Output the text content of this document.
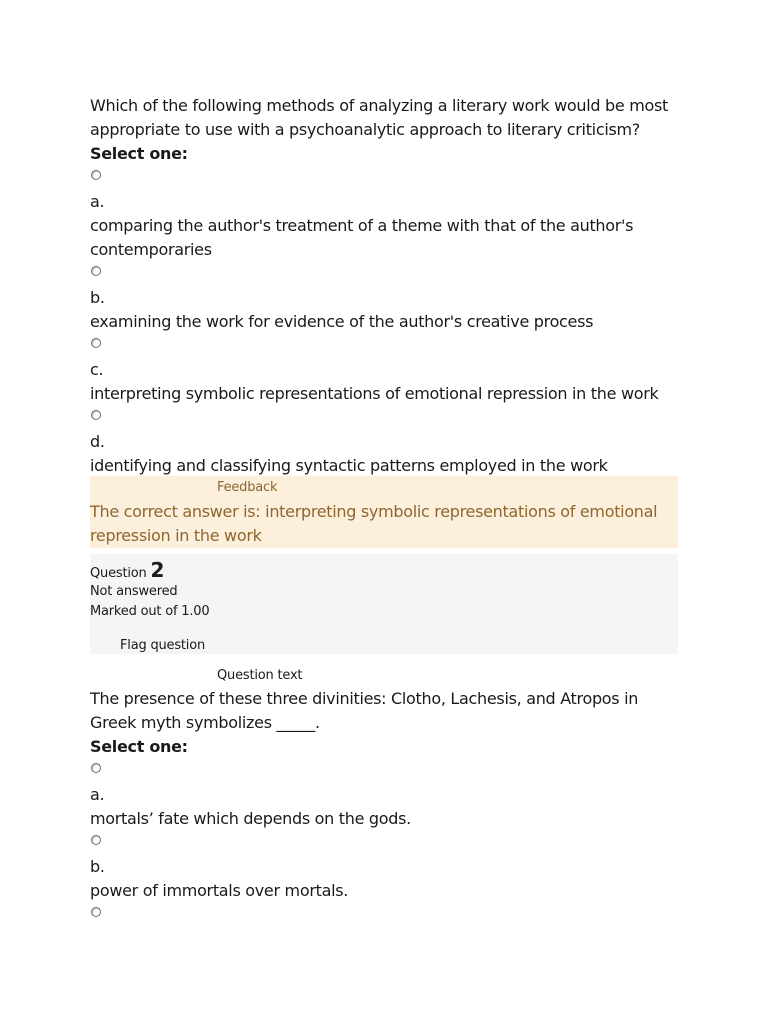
Which of the following methods of analyzing a literary work would be most appropriate to use with a psychoanalytic approach to literary criticism?

Select one:

a.

comparing the author's treatment of a theme with that of the author's contemporaries

b.

examining the work for evidence of the author's creative process

c.

interpreting symbolic representations of emotional repression in the work

d.

identifying and classifying syntactic patterns employed in the work

Feedback
The correct answer is: interpreting symbolic representations of emotional repression in the work
Question 2
Not answered
Marked out of 1.00
Flag question
Question text

The presence of these three divinities: Clotho, Lachesis, and Atropos in Greek myth symbolizes _____.

Select one:

a.

mortals’ fate which depends on the gods.

b.

power of immortals over mortals.
